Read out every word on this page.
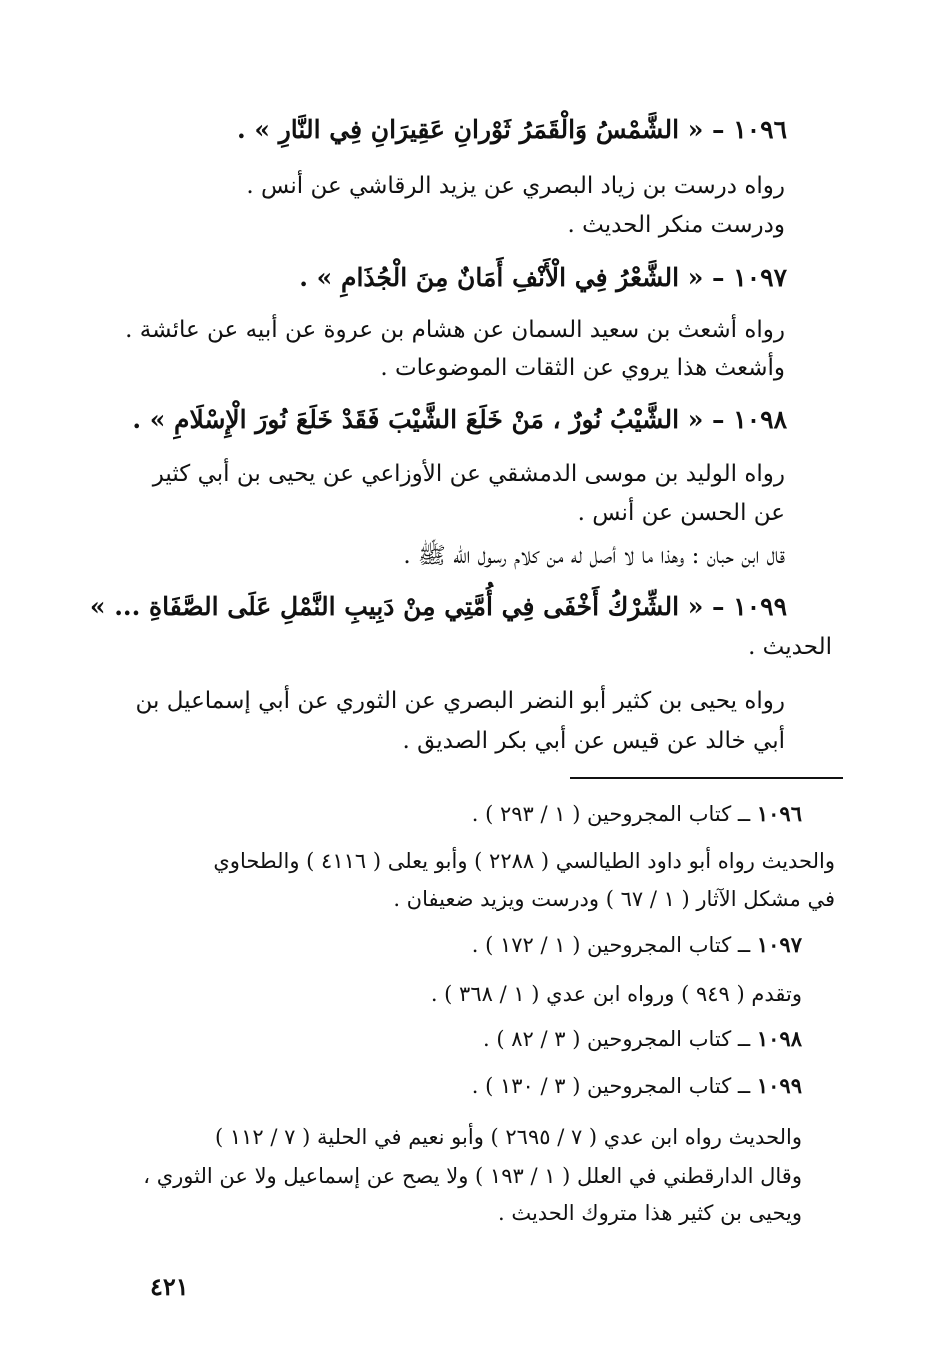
١٠٩٦ – « الشَّمْسُ وَالْقَمَرُ ثَوْرانِ عَقِيرَانِ فِي النَّارِ » .
رواه درست بن زياد البصري عن يزيد الرقاشي عن أنس .
ودرست منكر الحديث .
١٠٩٧ – « الشَّعْرُ فِي الْأَنْفِ أَمَانٌ مِنَ الْجُذَامِ » .
رواه أشعث بن سعيد السمان عن هشام بن عروة عن أبيه عن عائشة .
وأشعث هذا يروي عن الثقات الموضوعات .
١٠٩٨ – « الشَّيْبُ نُورٌ ، مَنْ خَلَعَ الشَّيْبَ فَقَدْ خَلَعَ نُورَ الْإِسْلَامِ » .
رواه الوليد بن موسى الدمشقي عن الأوزاعي عن يحيى بن أبي كثير
عن الحسن عن أنس .
قال ابن حبان : وهذا ما لا أصل له من كلام رسول الله ﷺ .
١٠٩٩ – « الشِّرْكُ أَخْفَى فِي أُمَّتِي مِنْ دَبِيبِ النَّمْلِ عَلَى الصَّفَاةِ ... »
الحديث .
رواه يحيى بن كثير أبو النضر البصري عن الثوري عن أبي إسماعيل بن
أبي خالد عن قيس عن أبي بكر الصديق .
١٠٩٦ ــ كتاب المجروحين ( ١ / ٢٩٣ ) .
والحديث رواه أبو داود الطيالسي ( ٢٢٨٨ ) وأبو يعلى ( ٤١١٦ ) والطحاوي
في مشكل الآثار ( ١ / ٦٧ ) ودرست ويزيد ضعيفان .
١٠٩٧ ــ كتاب المجروحين ( ١ / ١٧٢ ) .
وتقدم ( ٩٤٩ ) ورواه ابن عدي ( ١ / ٣٦٨ ) .
١٠٩٨ ــ كتاب المجروحين ( ٣ / ٨٢ ) .
١٠٩٩ ــ كتاب المجروحين ( ٣ / ١٣٠ ) .
والحديث رواه ابن عدي ( ٧ / ٢٦٩٥ ) وأبو نعيم في الحلية ( ٧ / ١١٢ )
وقال الدارقطني في العلل ( ١ / ١٩٣ ) ولا يصح عن إسماعيل ولا عن الثوري ،
ويحيى بن كثير هذا متروك الحديث .
٤٢١
